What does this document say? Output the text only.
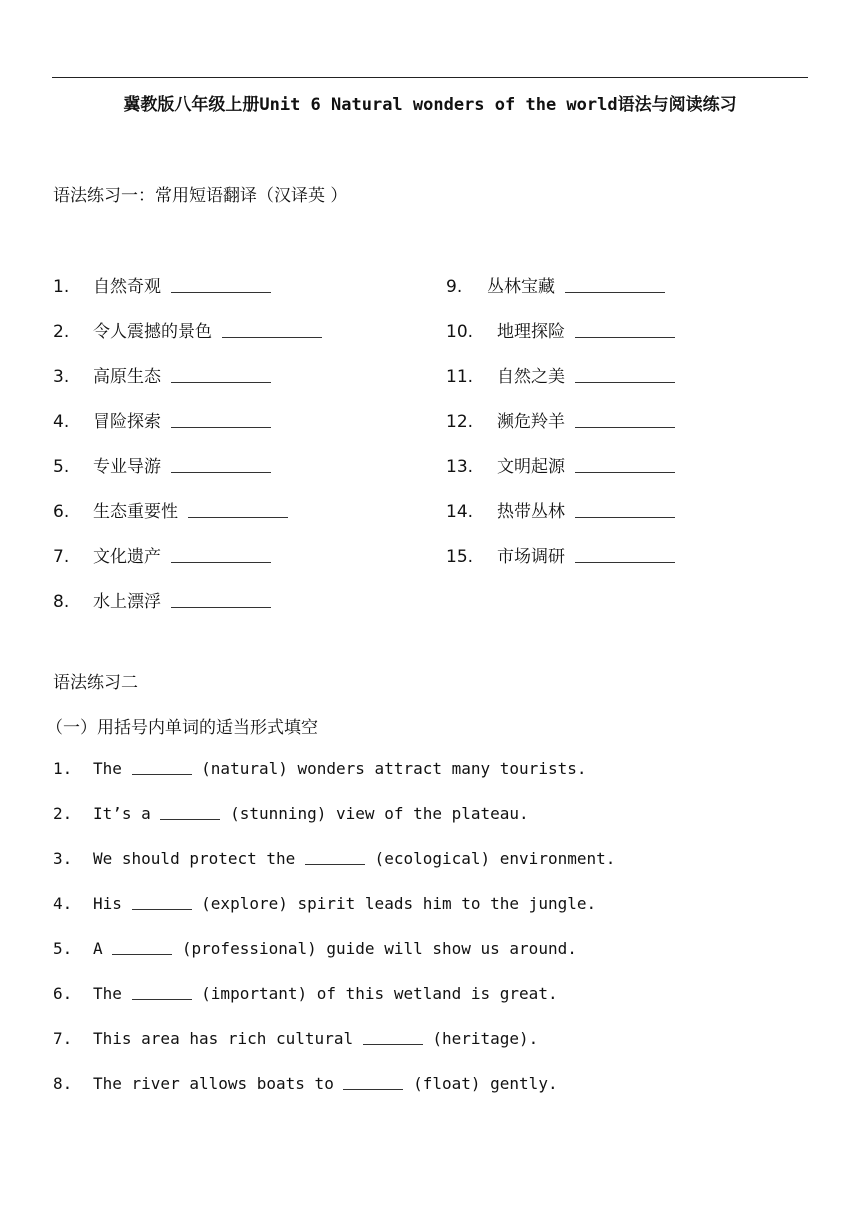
冀教版八年级上册Unit 6 Natural wonders of the world语法与阅读练习
语法练习一：常用短语翻译（汉译英 ）
1. 自然奇观
2. 令人震撼的景色
3. 高原生态
4. 冒险探索
5. 专业导游
6. 生态重要性
7. 文化遗产
8. 水上漂浮
9. 丛林宝藏
10. 地理探险
11. 自然之美
12. 濒危羚羊
13. 文明起源
14. 热带丛林
15. 市场调研
语法练习二
（一）用括号内单词的适当形式填空
1. The	(natural) wonders attract many tourists.
2. It’s a	(stunning) view of the plateau.
3. We should protect the	(ecological) environment.
4. His	(explore) spirit leads him to the jungle.
5. A	(professional) guide will show us around.
6. The	(important) of this wetland is great.
7. This area has rich cultural	(heritage).
8. The river allows boats to	(float) gently.
